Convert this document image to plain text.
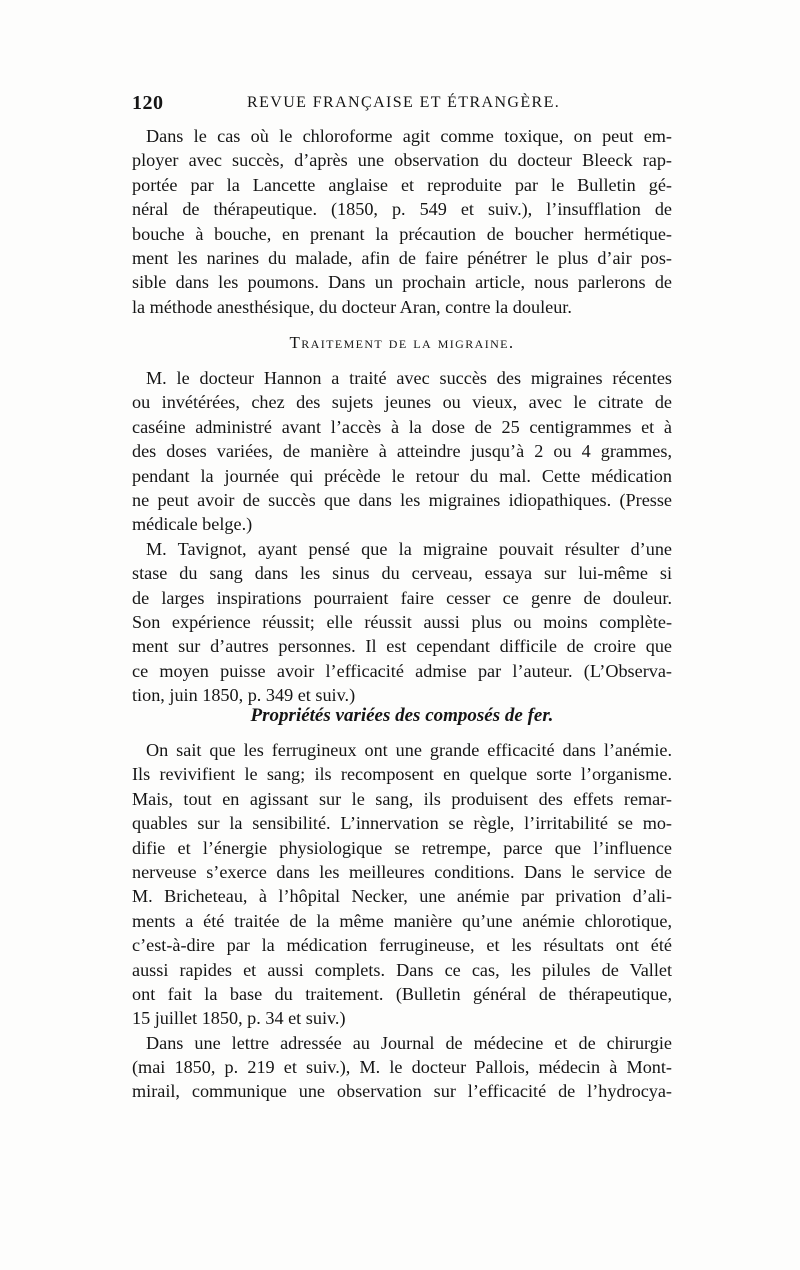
120	REVUE FRANÇAISE ET ÉTRANGÈRE.
Dans le cas où le chloroforme agit comme toxique, on peut em-
ployer avec succès, d’après une observation du docteur Bleeck rap-
portée par la Lancette anglaise et reproduite par le Bulletin gé-
néral de thérapeutique. (1850, p. 549 et suiv.), l’insufflation de
bouche à bouche, en prenant la précaution de boucher hermétique-
ment les narines du malade, afin de faire pénétrer le plus d’air pos-
sible dans les poumons. Dans un prochain article, nous parlerons de
la méthode anesthésique, du docteur Aran, contre la douleur.
Traitement de la migraine.
M. le docteur Hannon a traité avec succès des migraines récentes
ou invétérées, chez des sujets jeunes ou vieux, avec le citrate de
caséine administré avant l’accès à la dose de 25 centigrammes et à
des doses variées, de manière à atteindre jusqu’à 2 ou 4 grammes,
pendant la journée qui précède le retour du mal. Cette médication
ne peut avoir de succès que dans les migraines idiopathiques. (Presse
médicale belge.)
M. Tavignot, ayant pensé que la migraine pouvait résulter d’une
stase du sang dans les sinus du cerveau, essaya sur lui-même si
de larges inspirations pourraient faire cesser ce genre de douleur.
Son expérience réussit; elle réussit aussi plus ou moins complète-
ment sur d’autres personnes. Il est cependant difficile de croire que
ce moyen puisse avoir l’efficacité admise par l’auteur. (L’Observa-
tion, juin 1850, p. 349 et suiv.)
Propriétés variées des composés de fer.
On sait que les ferrugineux ont une grande efficacité dans l’anémie.
Ils revivifient le sang; ils recomposent en quelque sorte l’organisme.
Mais, tout en agissant sur le sang, ils produisent des effets remar-
quables sur la sensibilité. L’innervation se règle, l’irritabilité se mo-
difie et l’énergie physiologique se retrempe, parce que l’influence
nerveuse s’exerce dans les meilleures conditions. Dans le service de
M. Bricheteau, à l’hôpital Necker, une anémie par privation d’ali-
ments a été traitée de la même manière qu’une anémie chlorotique,
c’est-à-dire par la médication ferrugineuse, et les résultats ont été
aussi rapides et aussi complets. Dans ce cas, les pilules de Vallet
ont fait la base du traitement. (Bulletin général de thérapeutique,
15 juillet 1850, p. 34 et suiv.)
Dans une lettre adressée au Journal de médecine et de chirurgie
(mai 1850, p. 219 et suiv.), M. le docteur Pallois, médecin à Mont-
mirail, communique une observation sur l’efficacité de l’hydrocya-
